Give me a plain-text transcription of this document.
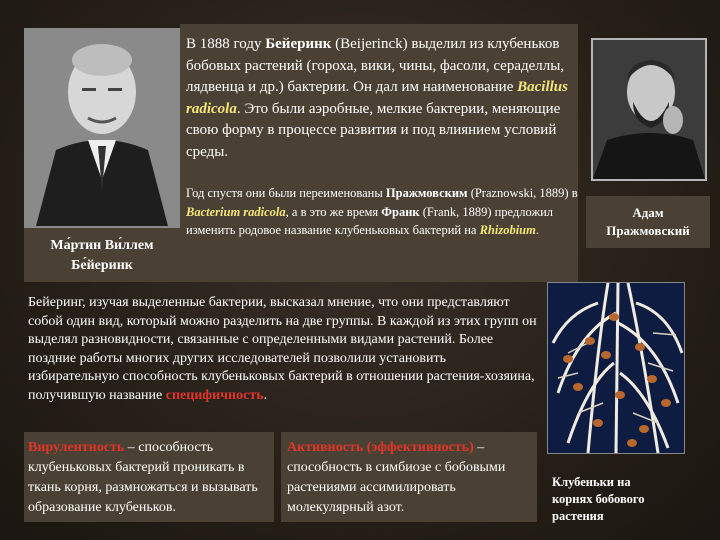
Ма́ртин Ви́ллем
Бе́йеринк
В 1888 году Бейеринк (Beijerinck) выделил из клубеньков бобовых растений (гороха, вики, чины, фасоли, сераделлы, лядвенца и др.) бактерии. Он дал им наименование Bacillus radicola. Это были аэробные, мелкие бактерии, меняющие свою форму в процессе развития и под влиянием условий среды.
Год спустя они были переименованы Пражмовским (Praznowski, 1889) в Bacterium radicola, а в это же время Франк (Frank, 1889) предложил изменить родовое название клубеньковых бактерий на Rhizobium.
Адам
Пражмовский
Бейеринг, изучая выделенные бактерии, высказал мнение, что они представляют собой один вид, который можно разделить на две группы. В каждой из этих групп он выделял разновидности, связанные с определенными видами растений. Более поздние работы многих других исследователей позволили установить избирательную способность клубеньковых бактерий в отношении растения-хозяина, получившую название специфичность.
Вирулентность – способность клубеньковых бактерий проникать в ткань корня, размножаться и вызывать образование клубеньков.
Активность (эффективность) – способность в симбиозе с бобовыми растениями ассимилировать молекулярный азот.
Клубеньки на корнях бобового растения
